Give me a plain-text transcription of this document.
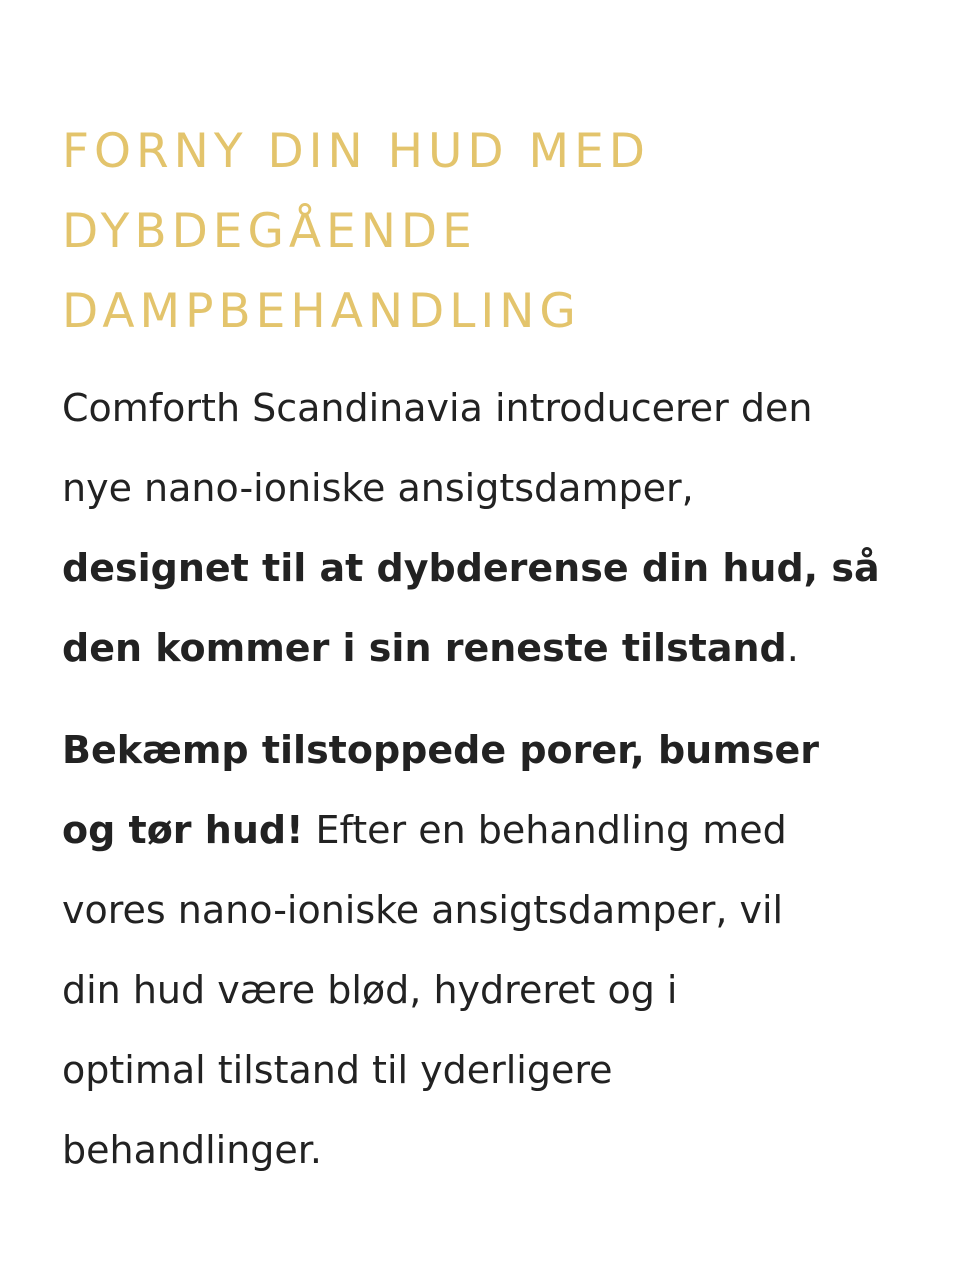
FORNY DIN HUD MED
DYBDEGÅENDE
DAMPBEHANDLING

Comforth Scandinavia introducerer den
nye nano-ioniske ansigtsdamper,
designet til at dybderense din hud, så
den kommer i sin reneste tilstand.

Bekæmp tilstoppede porer, bumser
og tør hud! Efter en behandling med
vores nano-ioniske ansigtsdamper, vil
din hud være blød, hydreret og i
optimal tilstand til yderligere
behandlinger.
